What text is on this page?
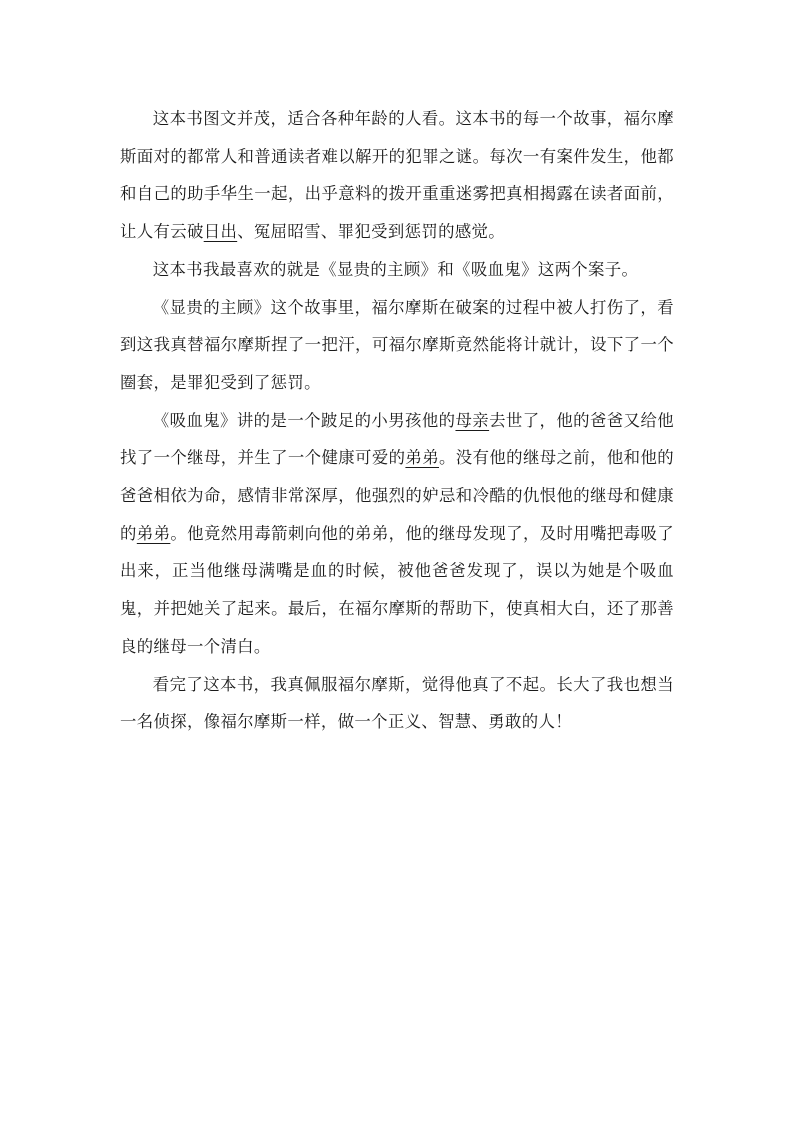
这本书图文并茂，适合各种年龄的人看。这本书的每一个故事，福尔摩斯面对的都常人和普通读者难以解开的犯罪之谜。每次一有案件发生，他都和自己的助手华生一起，出乎意料的拨开重重迷雾把真相揭露在读者面前，让人有云破日出、冤屈昭雪、罪犯受到惩罚的感觉。

这本书我最喜欢的就是《显贵的主顾》和《吸血鬼》这两个案子。

《显贵的主顾》这个故事里，福尔摩斯在破案的过程中被人打伤了，看到这我真替福尔摩斯捏了一把汗，可福尔摩斯竟然能将计就计，设下了一个圈套，是罪犯受到了惩罚。

《吸血鬼》讲的是一个跛足的小男孩他的母亲去世了，他的爸爸又给他找了一个继母，并生了一个健康可爱的弟弟。没有他的继母之前，他和他的爸爸相依为命，感情非常深厚，他强烈的妒忌和冷酷的仇恨他的继母和健康的弟弟。他竟然用毒箭刺向他的弟弟，他的继母发现了，及时用嘴把毒吸了出来，正当他继母满嘴是血的时候，被他爸爸发现了，误以为她是个吸血鬼，并把她关了起来。最后，在福尔摩斯的帮助下，使真相大白，还了那善良的继母一个清白。

看完了这本书，我真佩服福尔摩斯，觉得他真了不起。长大了我也想当一名侦探，像福尔摩斯一样，做一个正义、智慧、勇敢的人！
